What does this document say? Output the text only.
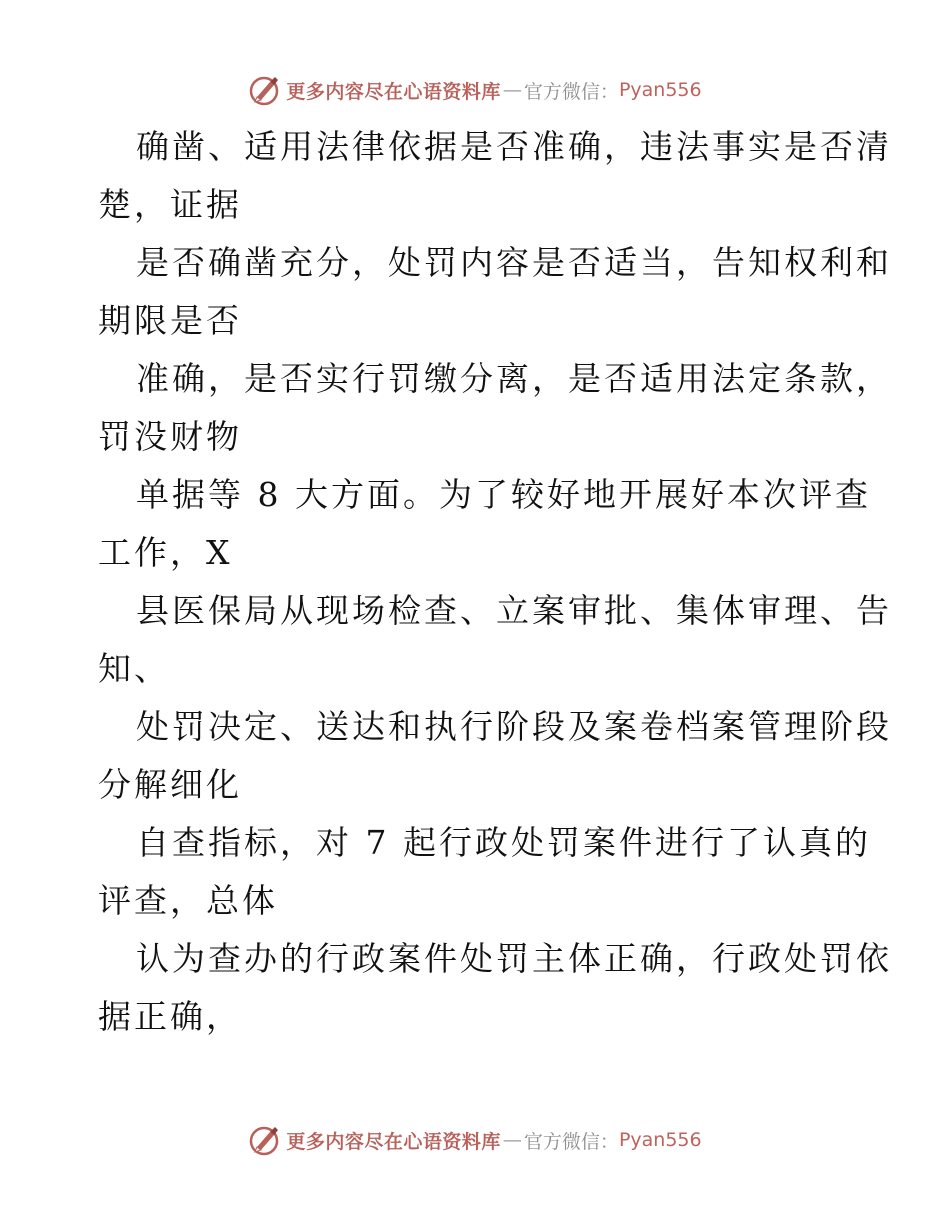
更多内容尽在心语资料库 — 官方微信： Pyan556
确凿、适用法律依据是否准确，违法事实是否清
楚，证据
是否确凿充分，处罚内容是否适当，告知权利和
期限是否
准确，是否实行罚缴分离，是否适用法定条款，
罚没财物
单据等 8 大方面。为了较好地开展好本次评查
工作，X
县医保局从现场检查、立案审批、集体审理、告
知、
处罚决定、送达和执行阶段及案卷档案管理阶段
分解细化
自查指标，对 7 起行政处罚案件进行了认真的
评查，总体
认为查办的行政案件处罚主体正确，行政处罚依
据正确，
更多内容尽在心语资料库 — 官方微信： Pyan556
